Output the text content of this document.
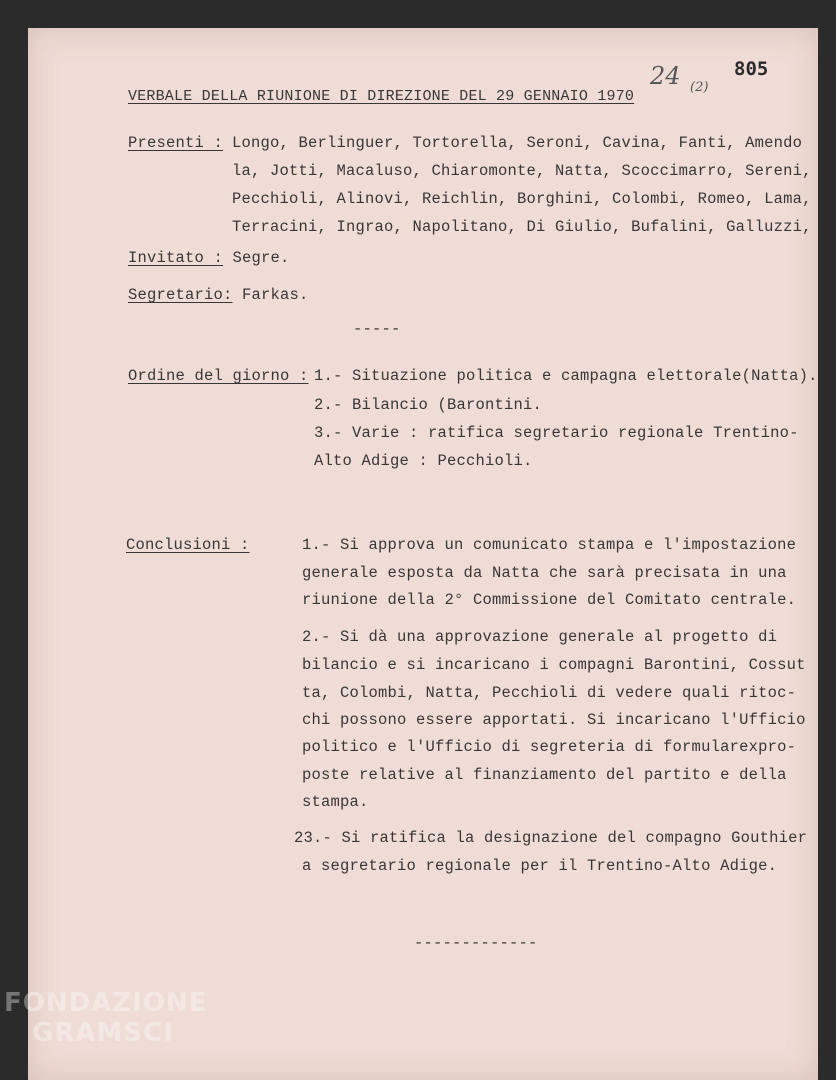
805
24 (2)
VERBALE DELLA RIUNIONE DI DIREZIONE DEL 29 GENNAIO 1970
Presenti : Longo, Berlinguer, Tortorella, Seroni, Cavina, Fanti, Amendo
la, Jotti, Macaluso, Chiaromonte, Natta, Scoccimarro, Sereni,
Pecchioli, Alinovi, Reichlin, Borghini, Colombi, Romeo, Lama,
Terracini, Ingrao, Napolitano, Di Giulio, Bufalini, Galluzzi,
Invitato : Segre.
Segretario: Farkas.
-----
Ordine del giorno : 1.- Situazione politica e campagna elettorale(Natta).
2.- Bilancio (Barontini.
3.- Varie : ratifica segretario regionale Trentino-
Alto Adige : Pecchioli.
Conclusioni :	1.- Si approva un comunicato stampa e l'impostazione
generale esposta da Natta che sarà precisata in una
riunione della 2° Commissione del Comitato centrale.
2.- Si dà una approvazione generale al progetto di
bilancio e si incaricano i compagni Barontini, Cossut
ta, Colombi, Natta, Pecchioli di vedere quali ritoc-
chi possono essere apportati. Si incaricano l'Ufficio
politico e l'Ufficio di segreteria di formularexpro-
poste relative al finanziamento del partito e della
stampa.
23.- Si ratifica la designazione del compagno Gouthier
a segretario regionale per il Trentino-Alto Adige.
-------------
FONDAZIONE
GRAMSCI
